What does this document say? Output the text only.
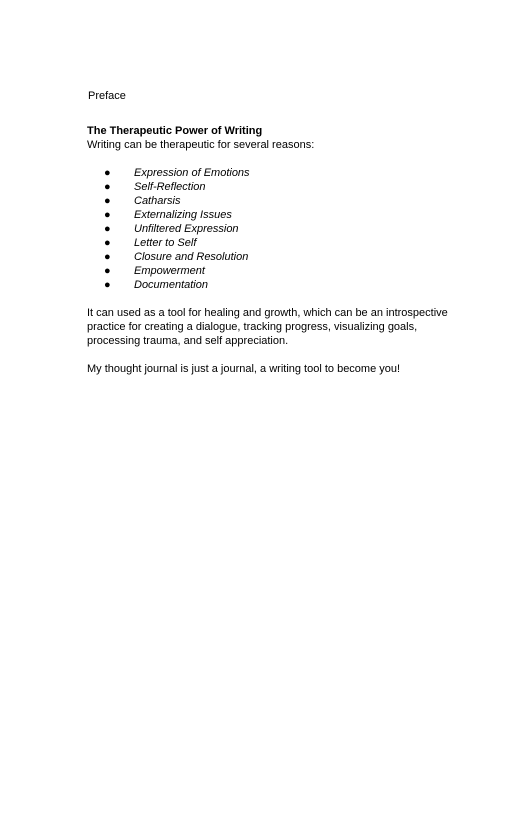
Preface
The Therapeutic Power of Writing

Writing can be therapeutic for several reasons:

● Expression of Emotions
● Self-Reflection
● Catharsis
● Externalizing Issues
● Unfiltered Expression
● Letter to Self
● Closure and Resolution
● Empowerment
● Documentation

It can used as a tool for healing and growth, which can be an introspective practice for creating a dialogue, tracking progress, visualizing goals, processing trauma, and self appreciation.

My thought journal is just a journal, a writing tool to become you!
